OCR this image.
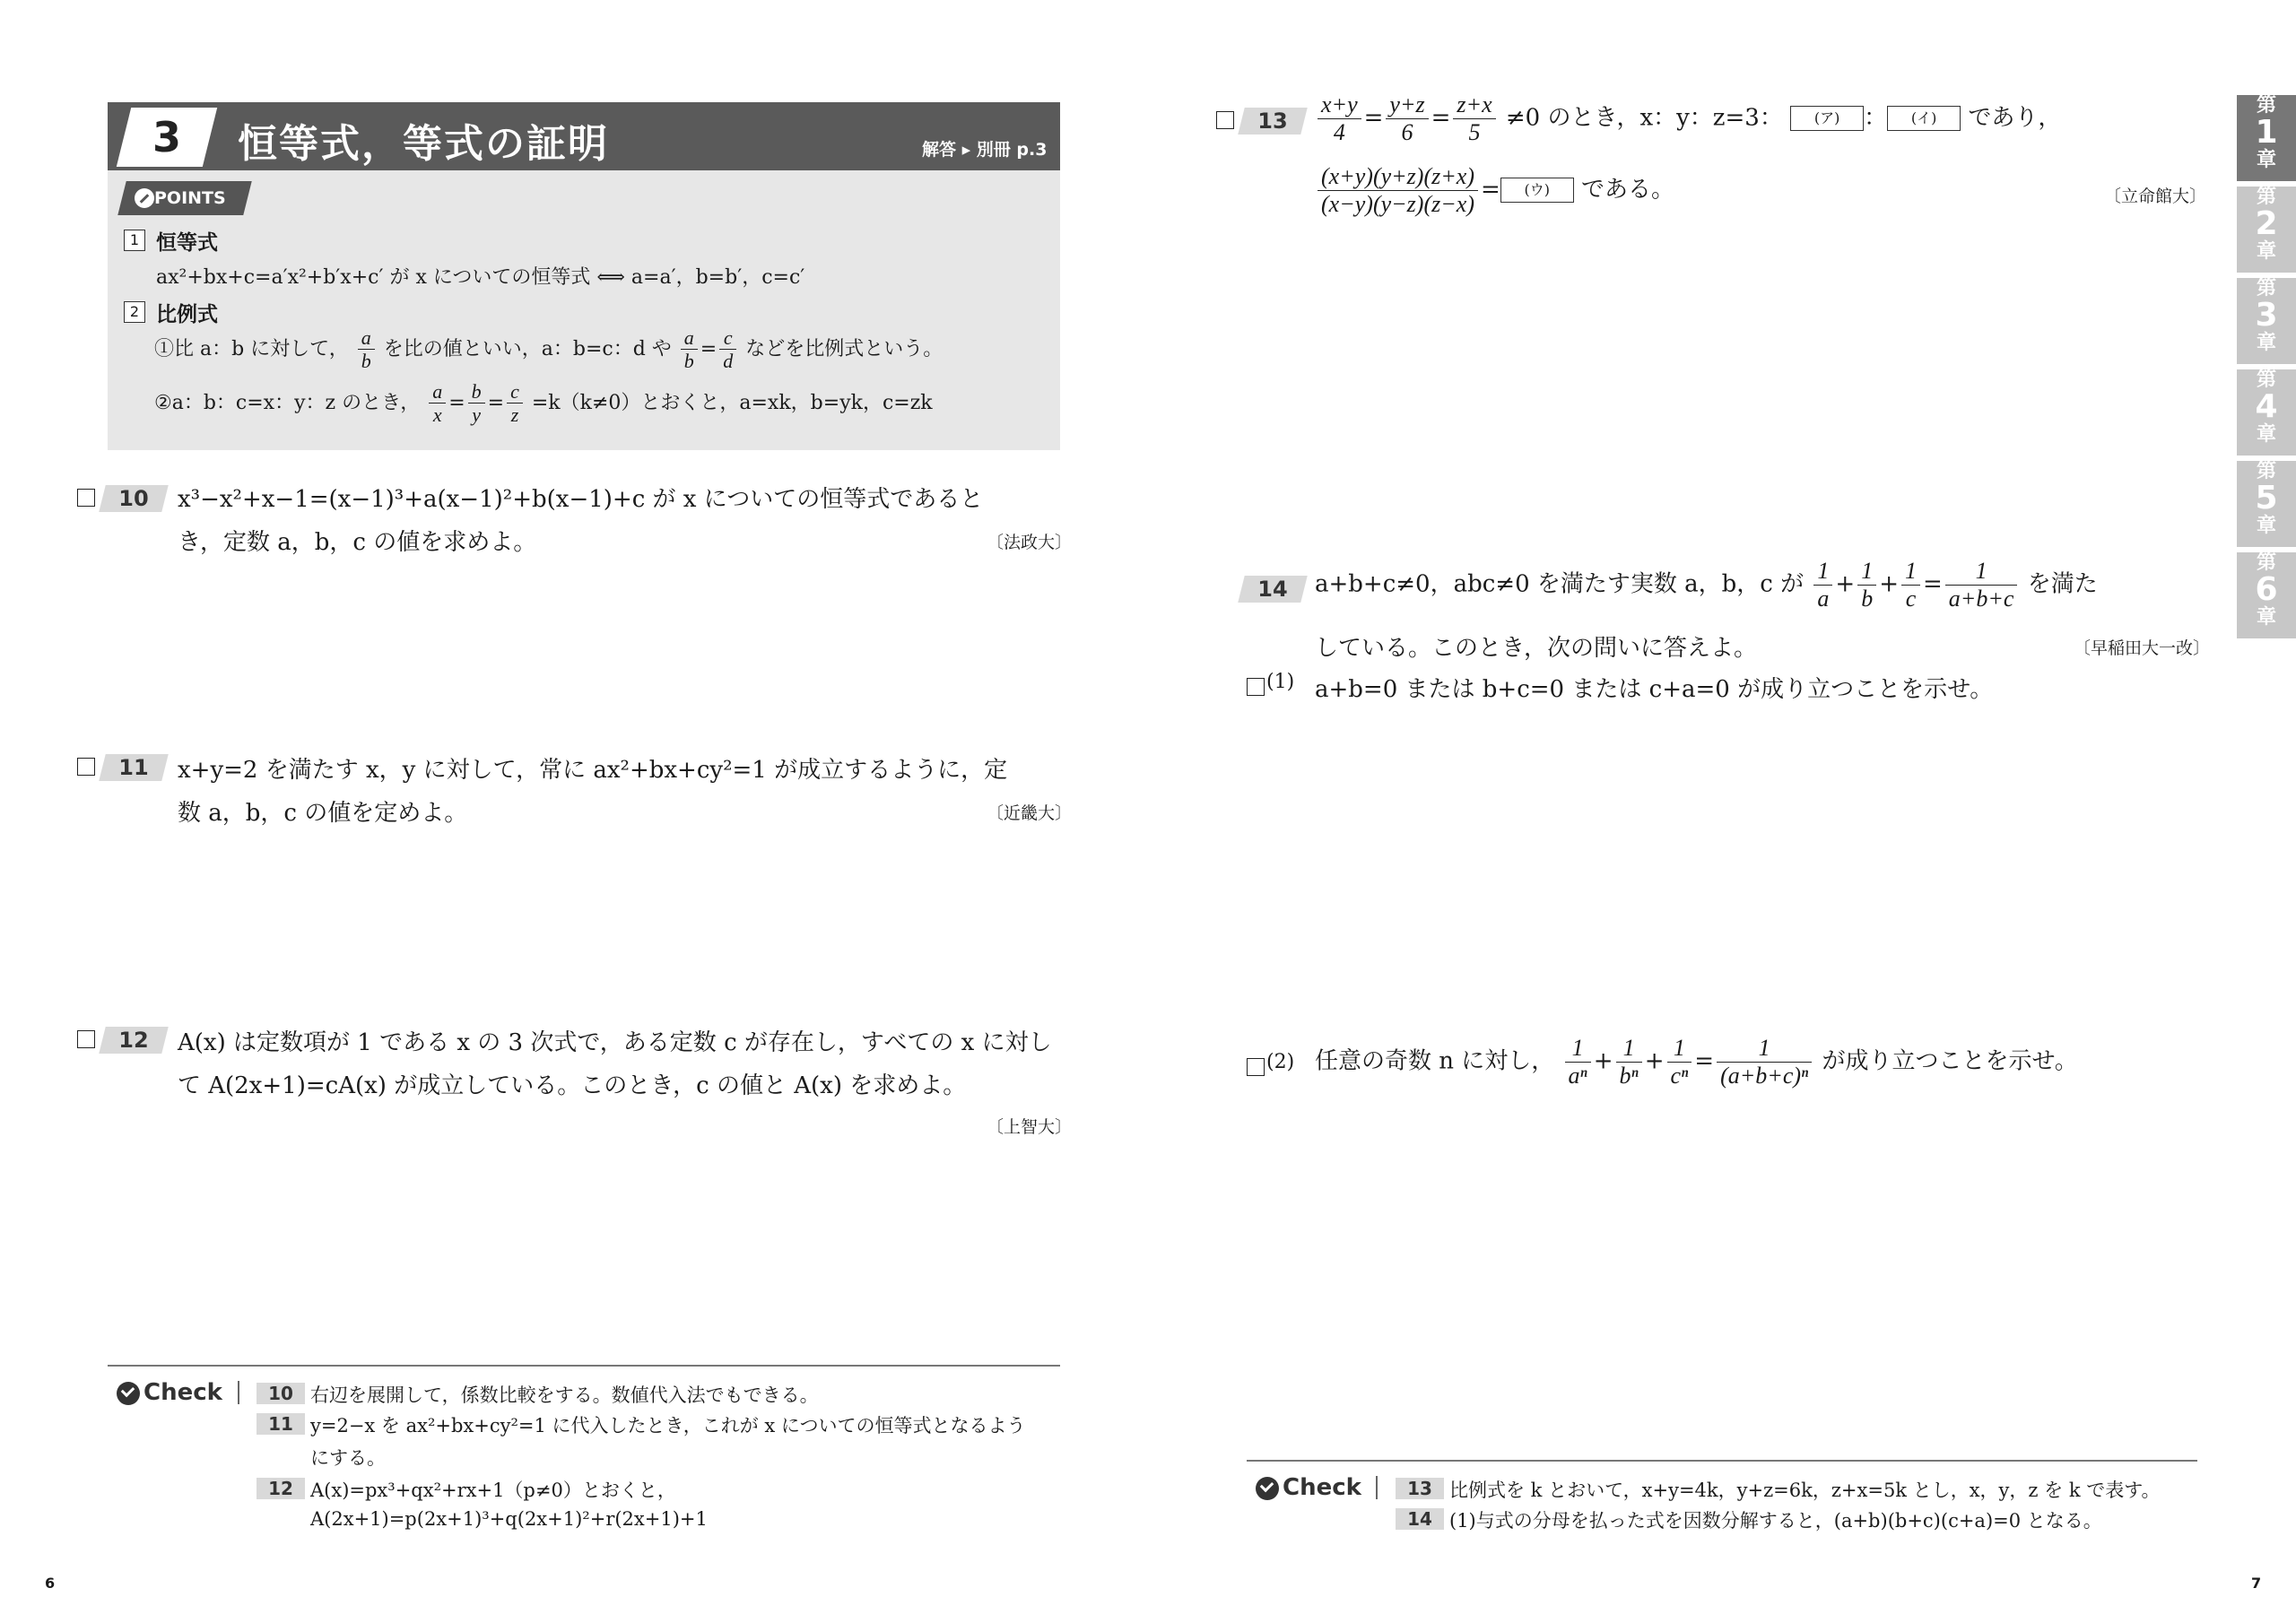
3	恒等式，等式の証明	解答 ▸ 別冊 p.3
POINTS
1 恒等式
ax²+bx+c=a′x²+b′x+c′ が x についての恒等式 ⟺ a=a′，b=b′，c=c′
2 比例式
①比 a：b に対して， $\frac{a}{b}$ を比の値といい，a：b=c：d や $\frac{a}{b} = \frac{c}{d}$ などを比例式という。
②a：b：c=x：y：z のとき， $\frac{a}{x} = \frac{b}{y} = \frac{c}{z} =k(k\ne 0)$とおくと，a=xk，b=yk，c=zk
10	x³−x²+x−1=(x−1)³+a(x−1)²+b(x−1)+c が x についての恒等式であると
き，定数 a，b，c の値を求めよ。	〔法政大〕
11	x+y=2 を満たす x，y に対して，常に ax²+bx+cy²=1 が成立するように，定
数 a，b，c の値を定めよ。	〔近畿大〕
12	A(x) は定数項が 1 である x の 3 次式で，ある定数 c が存在し，すべての x に対し
て A(2x+1)=cA(x) が成立している。このとき，c の値と A(x) を求めよ。
〔上智大〕
Check	10 右辺を展開して，係数比較をする。数値代入法でもできる。
11 y=2−x を ax²+bx+cy²=1 に代入したとき，これが x についての恒等式となるよう
にする。
12 A(x)=px³+qx²+rx+1（p≠0）とおくと，
A(2x+1)=p(2x+1)³+q(2x+1)²+r(2x+1)+1
6
13	$\frac{x+y}{4} = \frac{y+z}{6} = \frac{z+x}{5} \ne 0$ のとき，x：y：z=3： (ア) ： (イ) であり，
$\frac{(x+y)(y+z)(z+x)}{(x-y)(y-z)(z-x)}$ = (ウ) である。	〔立命館大〕
14	a+b+c≠0，abc≠0 を満たす実数 a，b，c が $\frac{1}{a} + \frac{1}{b} + \frac{1}{c} = \frac{1}{a+b+c}$ を満た
している。このとき，次の問いに答えよ。	〔早稲田大一改〕
(1) a+b=0 または b+c=0 または c+a=0 が成り立つことを示せ。
(2) 任意の奇数 n に対し， $\frac{1}{\text{aⁿ}} + \frac{1}{\text{bⁿ}} + \frac{1}{\text{cⁿ}} = \frac{1}{\text{(a+b+c)ⁿ}}$ が成り立つことを示せ。
Check	13 比例式を k とおいて，x+y=4k，y+z=6k，z+x=5k とし，x，y，z を k で表す。
14 (1)与式の分母を払った式を因数分解すると，(a+b)(b+c)(c+a)=0 となる。
7
第
1
章
第
2
章
第
3
章
第
4
章
第
5
章
第
6
章
